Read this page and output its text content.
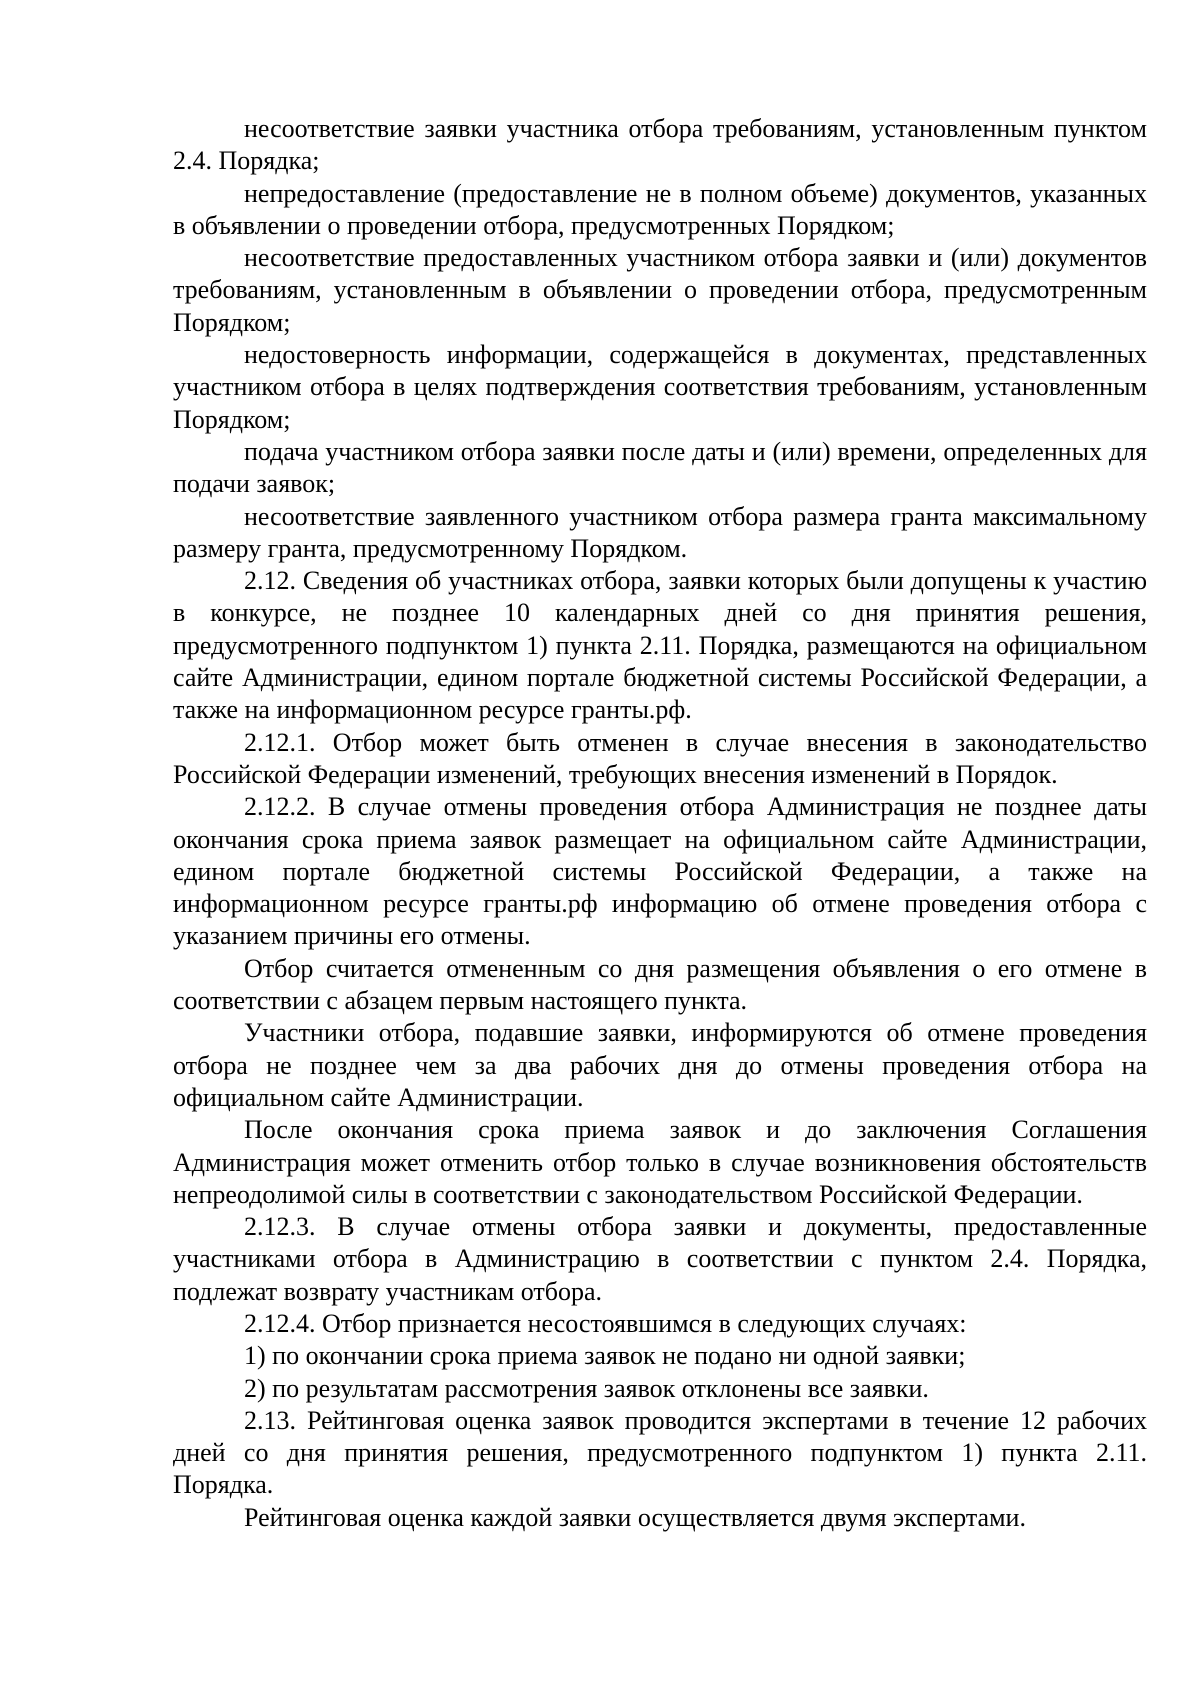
несоответствие заявки участника отбора требованиям, установленным пунктом 2.4. Порядка;

непредоставление (предоставление не в полном объеме) документов, указанных в объявлении о проведении отбора, предусмотренных Порядком;

несоответствие предоставленных участником отбора заявки и (или) документов требованиям, установленным в объявлении о проведении отбора, предусмотренным Порядком;

недостоверность информации, содержащейся в документах, представленных участником отбора в целях подтверждения соответствия требованиям, установленным Порядком;

подача участником отбора заявки после даты и (или) времени, определенных для подачи заявок;

несоответствие заявленного участником отбора размера гранта максимальному размеру гранта, предусмотренному Порядком.

2.12. Сведения об участниках отбора, заявки которых были допущены к участию в конкурсе, не позднее 10 календарных дней со дня принятия решения, предусмотренного подпунктом 1) пункта 2.11. Порядка, размещаются на официальном сайте Администрации, едином портале бюджетной системы Российской Федерации, а также на информационном ресурсе гранты.рф.

2.12.1. Отбор может быть отменен в случае внесения в законодательство Российской Федерации изменений, требующих внесения изменений в Порядок.

2.12.2. В случае отмены проведения отбора Администрация не позднее даты окончания срока приема заявок размещает на официальном сайте Администрации, едином портале бюджетной системы Российской Федерации, а также на информационном ресурсе гранты.рф информацию об отмене проведения отбора с указанием причины его отмены.

Отбор считается отмененным со дня размещения объявления о его отмене в соответствии с абзацем первым настоящего пункта.

Участники отбора, подавшие заявки, информируются об отмене проведения отбора не позднее чем за два рабочих дня до отмены проведения отбора на официальном сайте Администрации.

После окончания срока приема заявок и до заключения Соглашения Администрация может отменить отбор только в случае возникновения обстоятельств непреодолимой силы в соответствии с законодательством Российской Федерации.

2.12.3. В случае отмены отбора заявки и документы, предоставленные участниками отбора в Администрацию в соответствии с пунктом 2.4. Порядка, подлежат возврату участникам отбора.

2.12.4. Отбор признается несостоявшимся в следующих случаях:

1) по окончании срока приема заявок не подано ни одной заявки;

2) по результатам рассмотрения заявок отклонены все заявки.

2.13. Рейтинговая оценка заявок проводится экспертами в течение 12 рабочих дней со дня принятия решения, предусмотренного подпунктом 1) пункта 2.11. Порядка.

Рейтинговая оценка каждой заявки осуществляется двумя экспертами.
